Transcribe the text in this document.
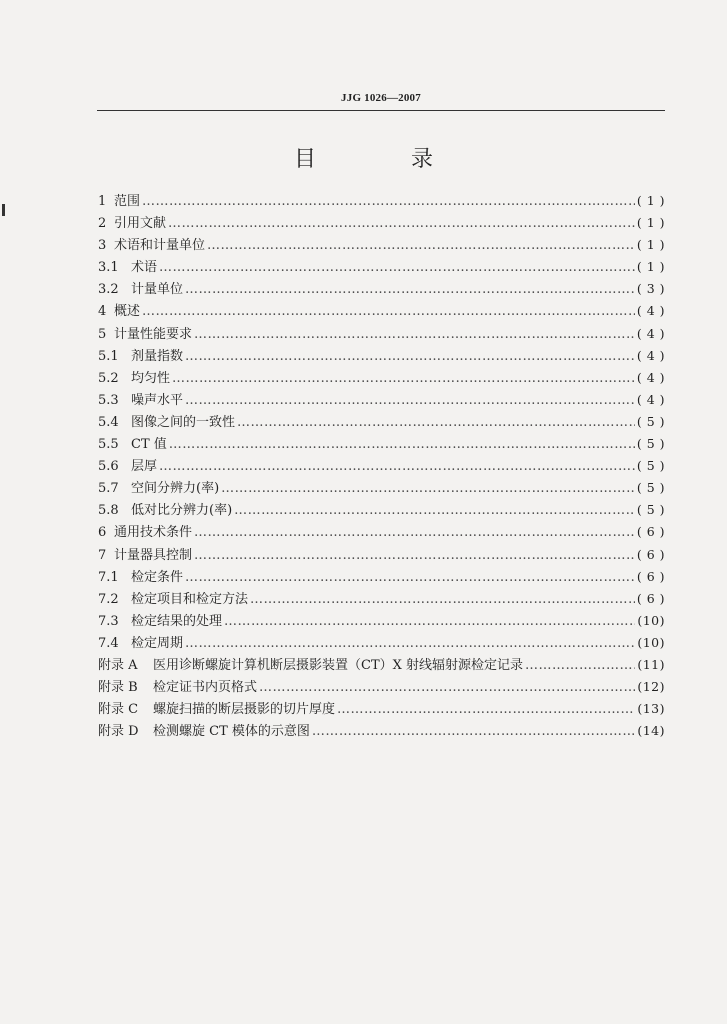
JJG 1026—2007
目 录
1 范围 …………………………………………………………………………………………………………………………………………………………………………………………	( 1 )
2 引用文献 …………………………………………………………………………………………………………………………………………………………………………………………	( 1 )
3 术语和计量单位 …………………………………………………………………………………………………………………………………………………………………………………………	( 1 )
3.1 术语 …………………………………………………………………………………………………………………………………………………………………………………………	( 1 )
3.2 计量单位 …………………………………………………………………………………………………………………………………………………………………………………………	( 3 )
4 概述 …………………………………………………………………………………………………………………………………………………………………………………………	( 4 )
5 计量性能要求 …………………………………………………………………………………………………………………………………………………………………………………………	( 4 )
5.1 剂量指数 …………………………………………………………………………………………………………………………………………………………………………………………	( 4 )
5.2 均匀性 …………………………………………………………………………………………………………………………………………………………………………………………	( 4 )
5.3 噪声水平 …………………………………………………………………………………………………………………………………………………………………………………………	( 4 )
5.4 图像之间的一致性 …………………………………………………………………………………………………………………………………………………………………………………………	( 5 )
5.5 CT 值 …………………………………………………………………………………………………………………………………………………………………………………………	( 5 )
5.6 层厚 …………………………………………………………………………………………………………………………………………………………………………………………	( 5 )
5.7 空间分辨力(率) …………………………………………………………………………………………………………………………………………………………………………………………	( 5 )
5.8 低对比分辨力(率) …………………………………………………………………………………………………………………………………………………………………………………………	( 5 )
6 通用技术条件 …………………………………………………………………………………………………………………………………………………………………………………………	( 6 )
7 计量器具控制 …………………………………………………………………………………………………………………………………………………………………………………………	( 6 )
7.1 检定条件 …………………………………………………………………………………………………………………………………………………………………………………………	( 6 )
7.2 检定项目和检定方法 …………………………………………………………………………………………………………………………………………………………………………………………	( 6 )
7.3 检定结果的处理 …………………………………………………………………………………………………………………………………………………………………………………………	(10)
7.4 检定周期 …………………………………………………………………………………………………………………………………………………………………………………………	(10)
附录 A	医用诊断螺旋计算机断层摄影装置（CT）X 射线辐射源检定记录 …………………………………………………………………………………………………………………………………………………………………………………………	(11)
附录 B	检定证书内页格式 …………………………………………………………………………………………………………………………………………………………………………………………	(12)
附录 C	螺旋扫描的断层摄影的切片厚度 …………………………………………………………………………………………………………………………………………………………………………………………	(13)
附录 D	检测螺旋 CT 模体的示意图 …………………………………………………………………………………………………………………………………………………………………………………………	(14)
